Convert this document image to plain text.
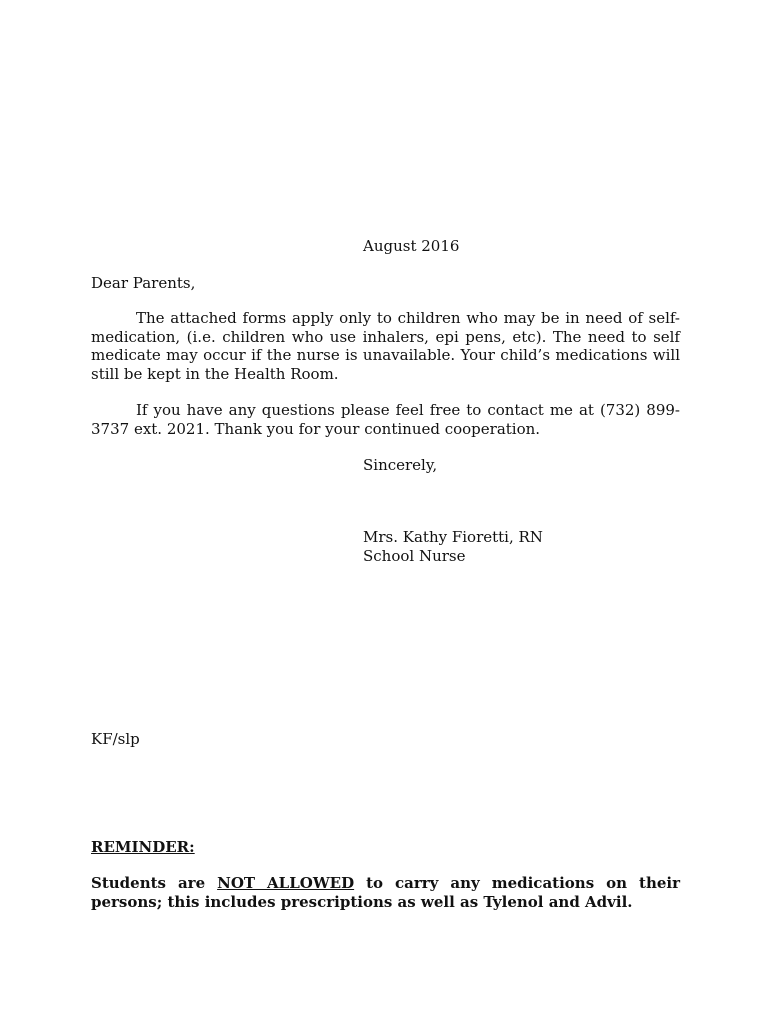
August 2016

Dear Parents,

The attached forms apply only to children who may be in need of self-medication, (i.e. children who use inhalers, epi pens, etc). The need to self medicate may occur if the nurse is unavailable. Your child’s medications will still be kept in the Health Room.

If you have any questions please feel free to contact me at (732) 899-3737 ext. 2021. Thank you for your continued cooperation.

Sincerely,

Mrs. Kathy Fioretti, RN

School Nurse

KF/slp

REMINDER:

Students are NOT ALLOWED to carry any medications on their persons; this includes prescriptions as well as Tylenol and Advil.
